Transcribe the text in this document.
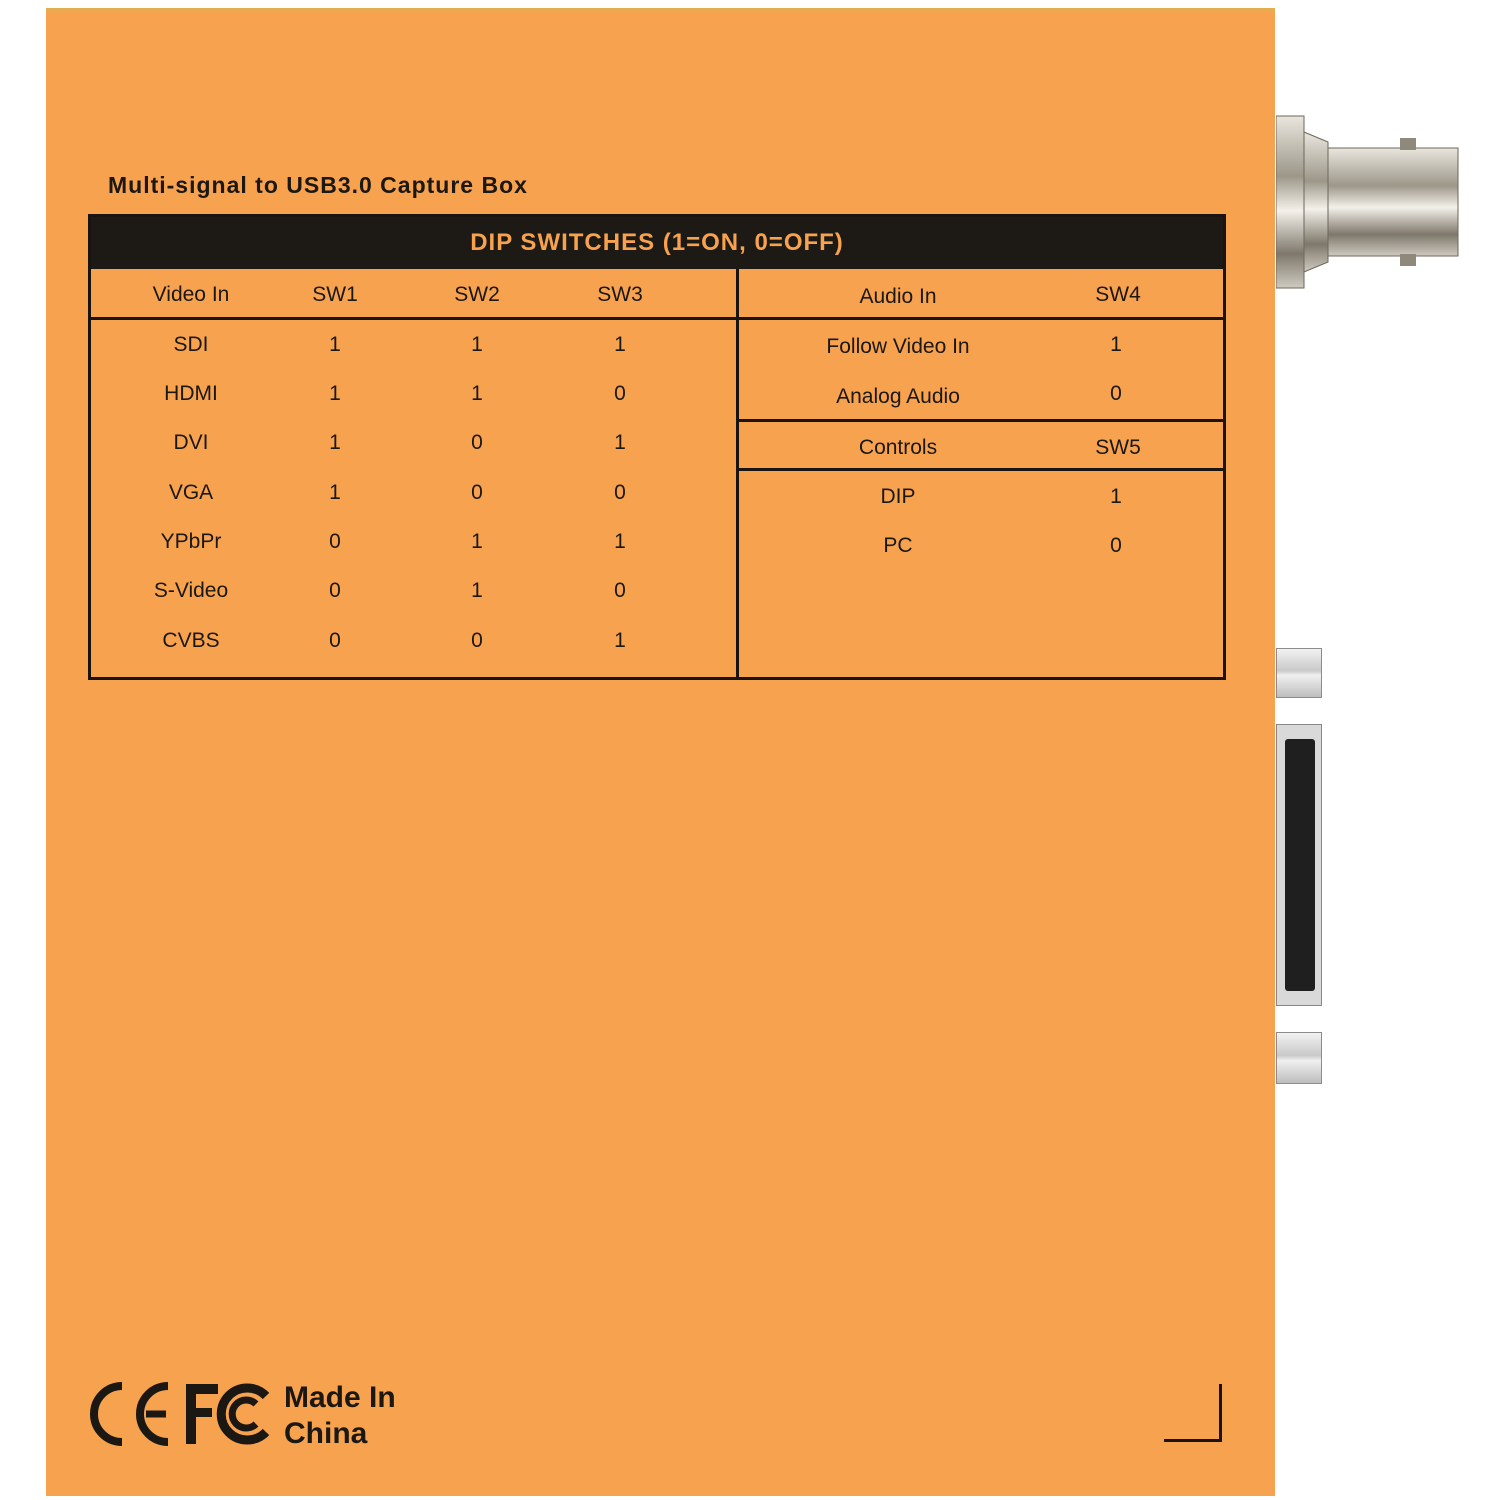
Multi-signal to USB3.0 Capture Box
DIP SWITCHES (1=ON, 0=OFF)
Video In	SW1	SW2	SW3
SDI	1	1	1
HDMI	1	1	0
DVI	1	0	1
VGA	1	0	0
YPbPr	0	1	1
S-Video	0	1	0
CVBS	0	0	1
Audio In	SW4
Follow Video In	1
Analog Audio	0
Controls	SW5
DIP	1
PC	0
Made In
China
